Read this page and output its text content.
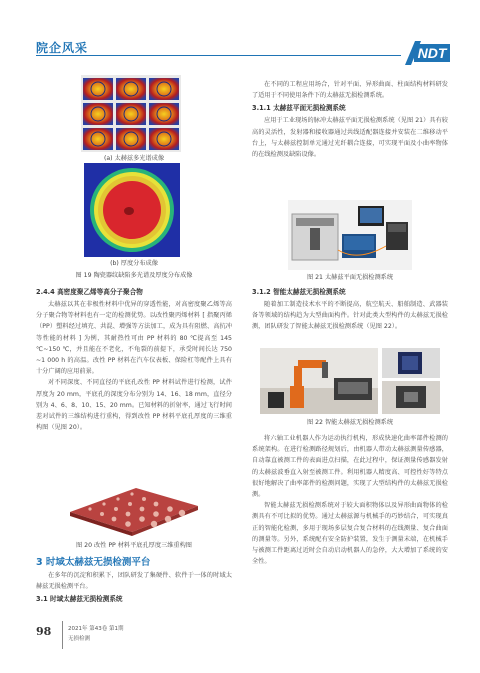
院企风采	NDT
(a) 太赫兹多光谱成像
(b) 厚度分布成像
图 19 陶瓷器纹缺陷多光谱及厚度分布成像
2.4.4 高密度聚乙烯等高分子聚合物

太赫兹以其在非极性材料中优异的穿透性能，对高密度聚乙烯等高分子聚合物等材料也有一定的检测优势。以改性聚丙烯材料 [ 指聚丙烯（PP）塑料经过填充、共混、增强等方法加工，成为具有阻燃、高抗冲等性能的材料 ] 为例，其耐热性可由 PP 材料的 80 ℃提高至 145 ℃~150 ℃，并且能在不老化，不龟裂的前提下，承受时间长达 750 ~1 000 h 的高温。改性 PP 材料在汽车仪表板、保险杠等配件上具有十分广阔的应用前景。

对不同深度、不同直径的平底孔改性 PP 材料试件进行检测，试件厚度为 20 mm，平底孔的深度分布分别为 14、16、18 mm，直径分别为 4、6、8、10、15、20 mm。已知材料的折射率，通过飞行时间差对试件的三维结构进行重构，得到改性 PP 材料平底孔厚度的三维重构图（见图 20）。

图 20 改性 PP 材料平底孔厚度三维重构图
3 时域太赫兹无损检测平台

在多年的沉淀和积累下，团队研发了集硬件、软件于一体的时域太赫兹无损检测平台。

3.1 时域太赫兹无损检测系统

在不同的工程应用场合，针对平面、异形曲面、柱面结构材料研发了适用于不同使用条件下的太赫兹无损检测系统。

3.1.1 太赫兹平面无损检测系统

应用于工业现场的脉冲太赫兹平面无损检测系统（见图 21）具有较高的灵活性，发射器和接收器通过共线适配器连接并安装在二维移动平台上，与太赫兹控制单元通过光纤耦合连接，可实现平面及小曲率物体的在线检测及缺陷设像。

图 21 太赫兹平面无损检测系统
3.1.2 智能太赫兹无损检测系统

随着加工制造技术水平的不断提高，航空航天、船舶制造、武器装备等领域的结构趋为大型曲面构件。针对此类大型构件的太赫兹无损检测，团队研发了智能太赫兹无损检测系统（见图 22）。

图 22 智能太赫兹无损检测系统

将六轴工业机器人作为运动执行机构，形成快速化曲率部件检测的系统架构。在进行检测路径规划后，由机器人带动太赫兹测量传感器，自动靠直被测工件的表面进点扫描，在此过程中，保证测量传感器发射的太赫兹波垂直入射至被测工件。利用机器人精度高、可控性好等特点很好地解决了曲率部件的检测问题，实现了大型结构件的太赫兹无损检测。

智能太赫兹无损检测系统对于较大面积物体以及异形曲面物体的检测具有不可比拟的优势。通过太赫兹源与机械手的巧妙结合，可实现真正的智能化检测，多用于现场多层复合复合材料的在线测量、复合曲面的测量等。另外，系统配有安全防护装置，发生于测量末端，在机械手与被测工件距离过近时会自动启动机器人的急停，大大增加了系统的安全性。

98	2021年 第43卷 第1期
无损检测
